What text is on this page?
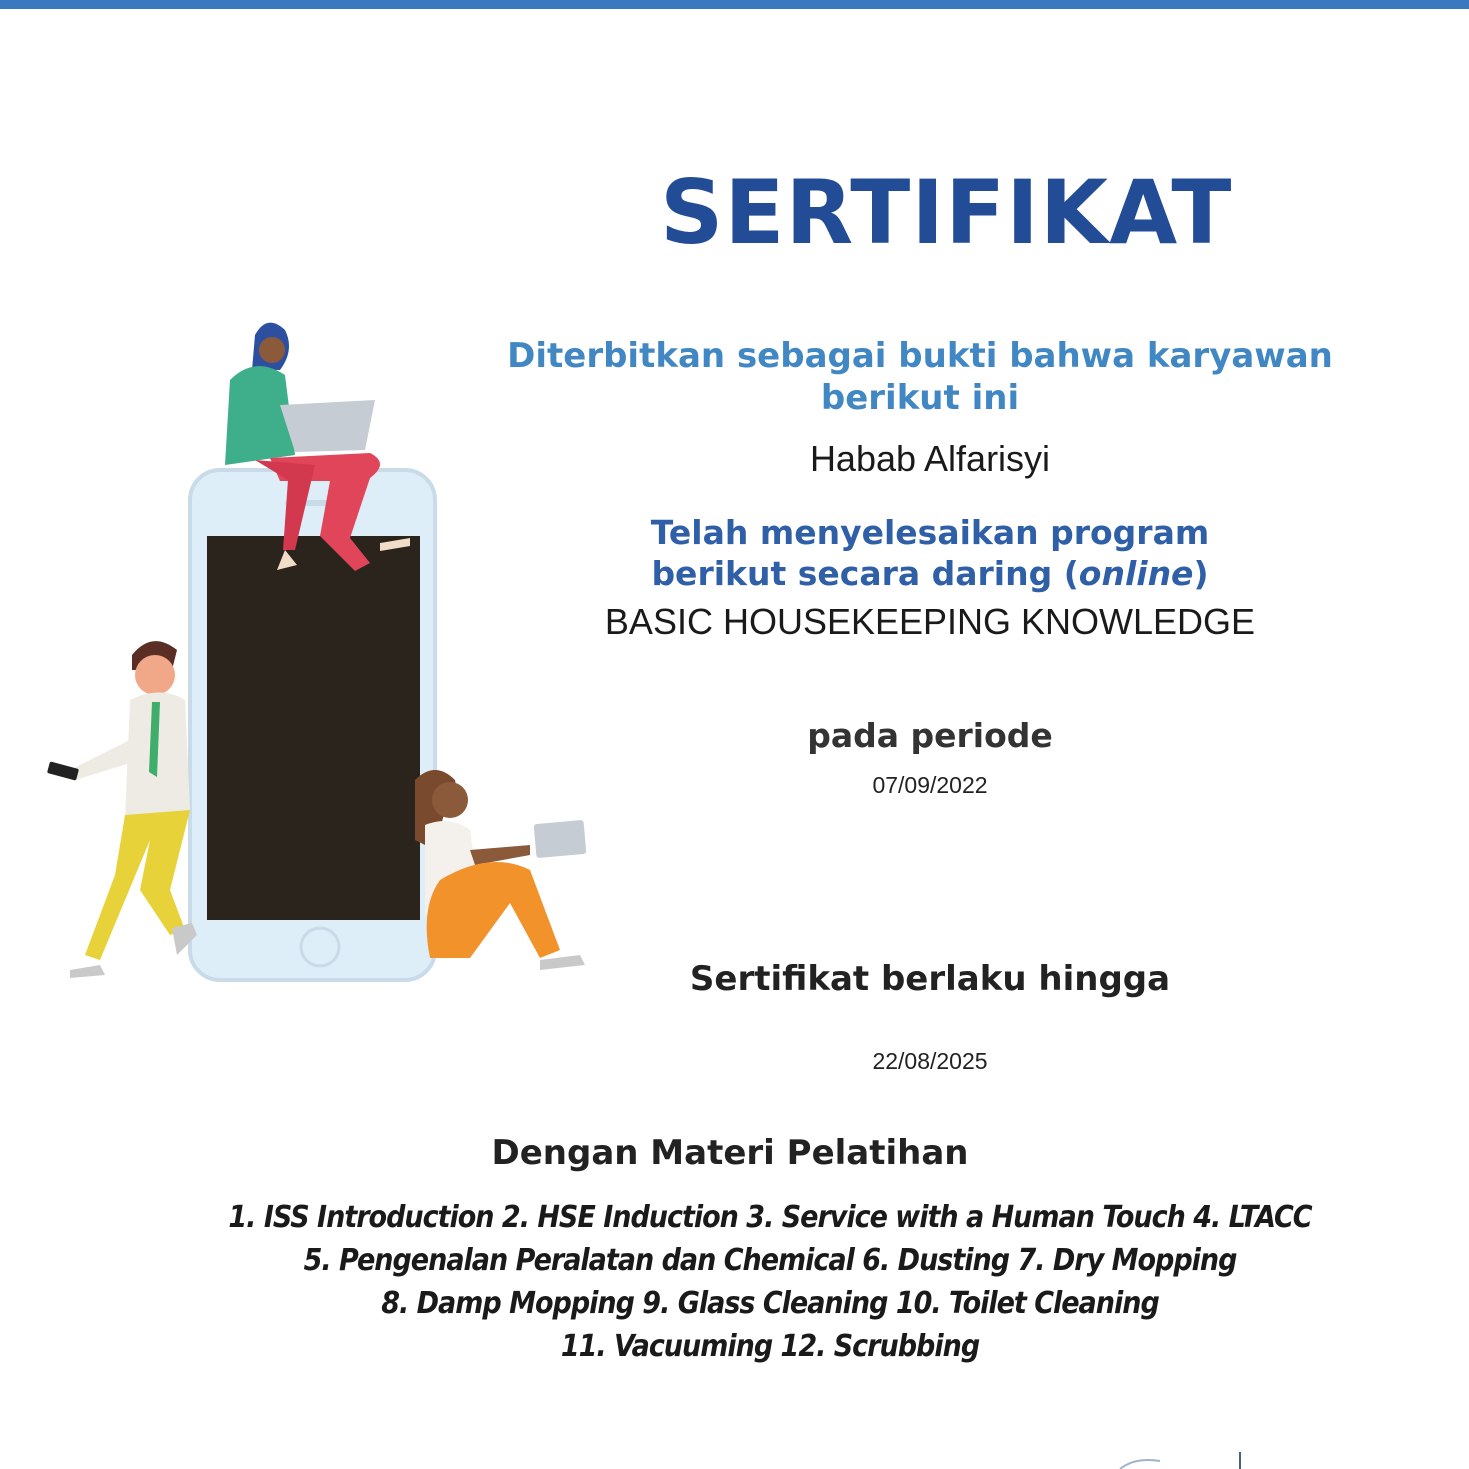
SERTIFIKAT

Diterbitkan sebagai bukti bahwa karyawan berikut ini

Habab Alfarisyi

Telah menyelesaikan program
berikut secara daring (online)

BASIC HOUSEKEEPING KNOWLEDGE

pada periode

07/09/2022

Sertifikat berlaku hingga

22/08/2025

Dengan Materi Pelatihan

1. ISS Introduction 2. HSE Induction 3. Service with a Human Touch 4. LTACC
5. Pengenalan Peralatan dan Chemical 6. Dusting 7. Dry Mopping
8. Damp Mopping 9. Glass Cleaning 10. Toilet Cleaning
11. Vacuuming 12. Scrubbing
